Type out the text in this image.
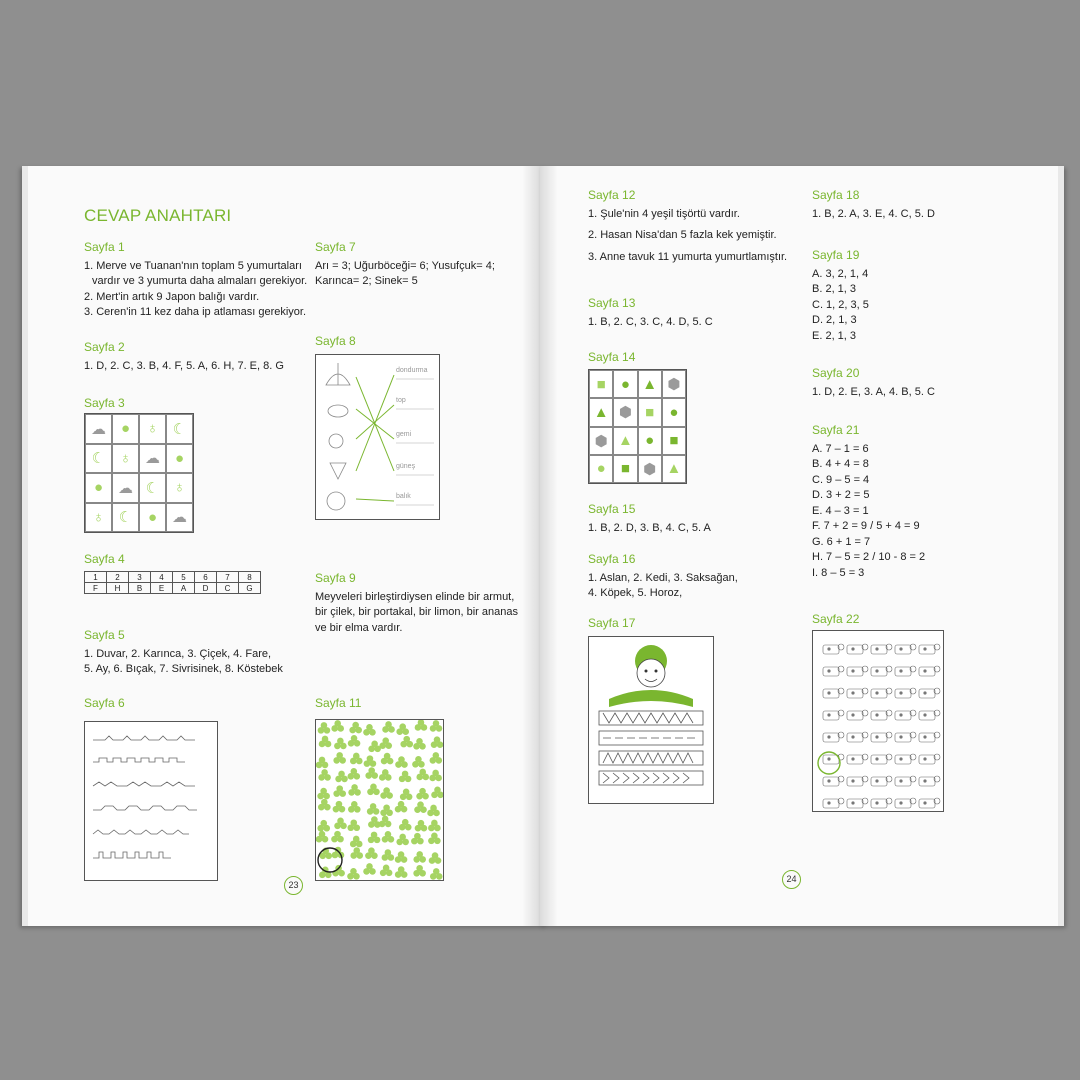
CEVAP ANAHTARI
Sayfa 1
1. Merve ve Tuanan'nın toplam 5 yumurtaları
vardır ve 3 yumurta daha almaları gerekiyor.
2. Mert'in artık 9 Japon balığı vardır.
3. Ceren'in 11 kez daha ip atlaması gerekiyor.
Sayfa 2
1. D, 2. C, 3. B, 4. F, 5. A, 6. H, 7. E, 8. G
Sayfa 3
☁ ●	♁ ☾
☾ ♁ ☁ ●
● ☁ ☾ ♁
♁ ☾	● ☁
Sayfa 4
1	2	3	4	5	6	7	8
F	H	B	E	A	D	C	G
Sayfa 5
1. Duvar, 2. Karınca, 3. Çiçek, 4. Fare,
5. Ay, 6. Bıçak, 7. Sivrisinek, 8. Köstebek
Sayfa 6
Sayfa 7
Arı = 3; Uğurböceği= 6; Yusufçuk= 4;
Karınca= 2; Sinek= 5
Sayfa 8
dondurma
top
gemi
güneş
balık
Sayfa 9
Meyveleri birleştirdiysen elinde bir armut,
bir çilek, bir portakal, bir limon, bir ananas
ve bir elma vardır.
Sayfa 11
23
Sayfa 12
1. Şule'nin 4 yeşil tişörtü vardır.
2. Hasan Nisa'dan 5 fazla kek yemiştir.
3. Anne tavuk 11 yumurta yumurtlamıştır.
Sayfa 13
1. B, 2. C, 3. C, 4. D, 5. C
Sayfa 14
■	● ▲ ⬢
▲ ⬢ ■	●
⬢ ▲ ●	■
●	■ ⬢ ▲
Sayfa 15
1. B, 2. D, 3. B, 4. C, 5. A
Sayfa 16
1. Aslan, 2. Kedi, 3. Saksağan,
4. Köpek, 5. Horoz,
Sayfa 17
Sayfa 18
1. B, 2. A, 3. E, 4. C, 5. D
Sayfa 19
A. 3, 2, 1, 4
B. 2, 1, 3
C. 1, 2, 3, 5
D. 2, 1, 3
E. 2, 1, 3
Sayfa 20
1. D, 2. E, 3. A, 4. B, 5. C
Sayfa 21
A. 7 – 1 = 6
B. 4 + 4 = 8
C. 9 – 5 = 4
D. 3 + 2 = 5
E. 4 – 3 = 1
F. 7 + 2 = 9 / 5 + 4 = 9
G. 6 + 1 = 7
H. 7 – 5 = 2 / 10 - 8 = 2
I. 8 – 5 = 3
Sayfa 22
24
